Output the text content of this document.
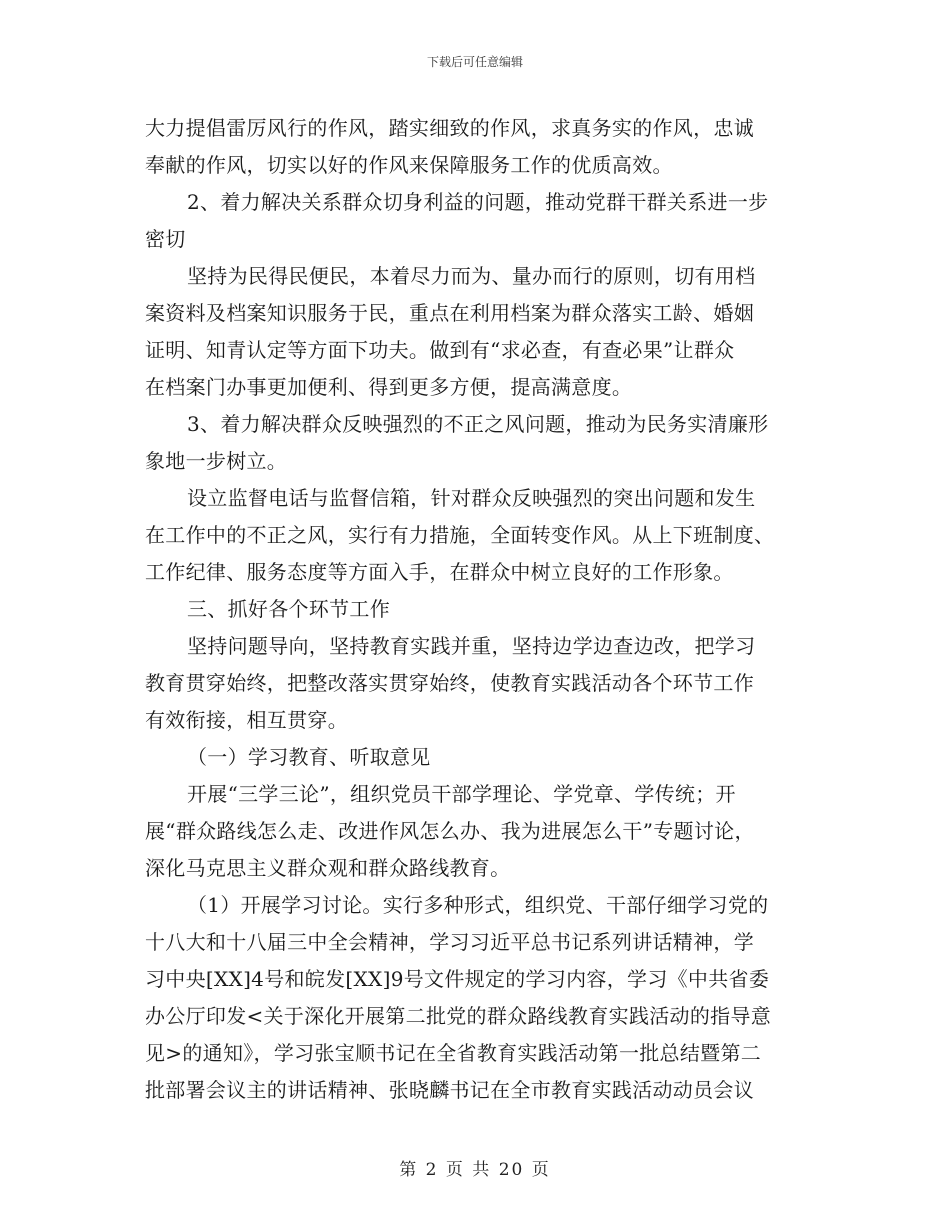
下载后可任意编辑
大力提倡雷厉风行的作风，踏实细致的作风，求真务实的作风，忠诚
奉献的作风，切实以好的作风来保障服务工作的优质高效。
2、着力解决关系群众切身利益的问题，推动党群干群关系进一步
密切
坚持为民得民便民，本着尽力而为、量办而行的原则，切有用档
案资料及档案知识服务于民，重点在利用档案为群众落实工龄、婚姻
证明、知青认定等方面下功夫。做到有“求必查，有查必果”让群众
在档案门办事更加便利、得到更多方便，提高满意度。
3、着力解决群众反映强烈的不正之风问题，推动为民务实清廉形
象地一步树立。
设立监督电话与监督信箱，针对群众反映强烈的突出问题和发生
在工作中的不正之风，实行有力措施，全面转变作风。从上下班制度、
工作纪律、服务态度等方面入手，在群众中树立良好的工作形象。
三、抓好各个环节工作
坚持问题导向，坚持教育实践并重，坚持边学边查边改，把学习
教育贯穿始终，把整改落实贯穿始终，使教育实践活动各个环节工作
有效衔接，相互贯穿。
（一）学习教育、听取意见
开展“三学三论”，组织党员干部学理论、学党章、学传统；开
展“群众路线怎么走、改进作风怎么办、我为进展怎么干”专题讨论，
深化马克思主义群众观和群众路线教育。
（1）开展学习讨论。实行多种形式，组织党、干部仔细学习党的
十八大和十八届三中全会精神，学习习近平总书记系列讲话精神，学
习中央[XX]4号和皖发[XX]9号文件规定的学习内容，学习《中共省委
办公厅印发<关于深化开展第二批党的群众路线教育实践活动的指导意
见>的通知》，学习张宝顺书记在全省教育实践活动第一批总结暨第二
批部署会议主的讲话精神、张晓麟书记在全市教育实践活动动员会议
第 2 页 共 20 页
